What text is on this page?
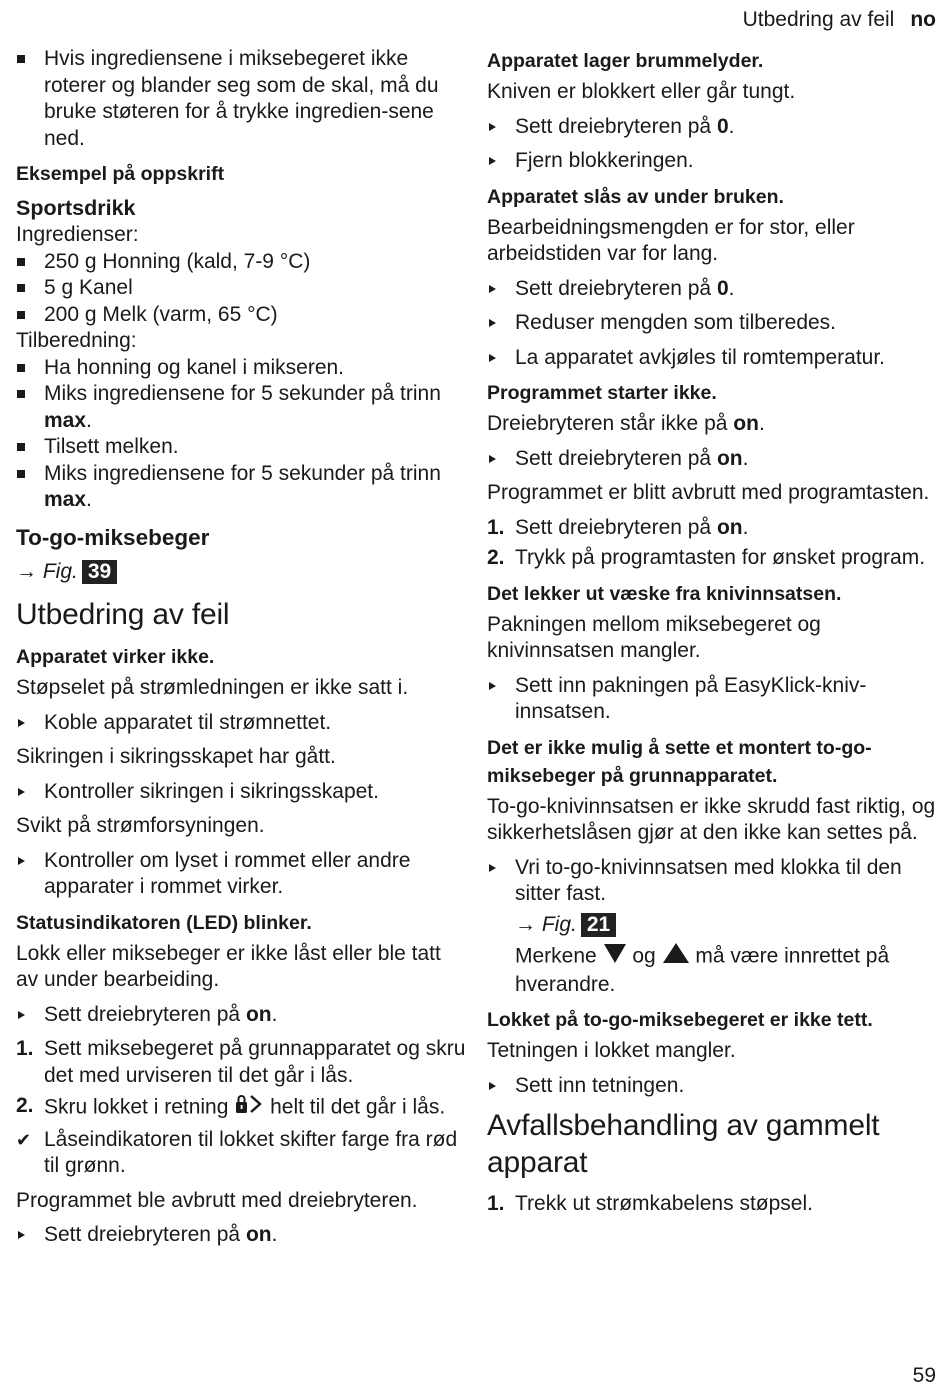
Utbedring av feil no
Hvis ingrediensene i miksebegeret ikke roterer og blander seg som de skal, må du bruke støteren for å trykke ingredien-sene ned.

Eksempel på oppskrift

Sportsdrikk

Ingredienser:
250 g Honning (kald, 7-9 °C)
5 g Kanel
200 g Melk (varm, 65 °C)
Tilberedning:
Ha honning og kanel i mikseren.
Miks ingrediensene for 5 sekunder på trinn max.
Tilsett melken.
Miks ingrediensene for 5 sekunder på trinn max.

To-go-miksebeger

→ Fig. 39

Utbedring av feil

Apparatet virker ikke.

Støpselet på strømledningen er ikke satt i.

Koble apparatet til strømnettet.

Sikringen i sikringsskapet har gått.

Kontroller sikringen i sikringsskapet.

Svikt på strømforsyningen.

Kontroller om lyset i rommet eller andre apparater i rommet virker.

Statusindikatoren (LED) blinker.

Lokk eller miksebeger er ikke låst eller ble tatt av under bearbeiding.

Sett dreiebryteren på on.
1. Sett miksebegeret på grunnapparatet og skru det med urviseren til det går i lås.
2. Skru lokket i retning  helt til det går i lås.
✔ Låseindikatoren til lokket skifter farge fra rød til grønn.

Programmet ble avbrutt med dreiebryteren.

Sett dreiebryteren på on.

Apparatet lager brummelyder.

Kniven er blokkert eller går tungt.

Sett dreiebryteren på 0.
Fjern blokkeringen.

Apparatet slås av under bruken.

Bearbeidningsmengden er for stor, eller arbeidstiden var for lang.

Sett dreiebryteren på 0.
Reduser mengden som tilberedes.
La apparatet avkjøles til romtemperatur.

Programmet starter ikke.

Dreiebryteren står ikke på on.

Sett dreiebryteren på on.

Programmet er blitt avbrutt med programtasten.

1. Sett dreiebryteren på on.
2. Trykk på programtasten for ønsket program.

Det lekker ut væske fra knivinnsatsen.

Pakningen mellom miksebegeret og knivinnsatsen mangler.

Sett inn pakningen på EasyKlick-kniv-innsatsen.

Det er ikke mulig å sette et montert to-go-miksebeger på grunnapparatet.

To-go-knivinnsatsen er ikke skrudd fast riktig, og sikkerhetslåsen gjør at den ikke kan settes på.

Vri to-go-knivinnsatsen med klokka til den sitter fast.
→ Fig. 21
Merkene  og  må være innrettet på hverandre.

Lokket på to-go-miksebegeret er ikke tett.

Tetningen i lokket mangler.

Sett inn tetningen.

Avfallsbehandling av gammelt apparat

1. Trekk ut strømkabelens støpsel.
59
